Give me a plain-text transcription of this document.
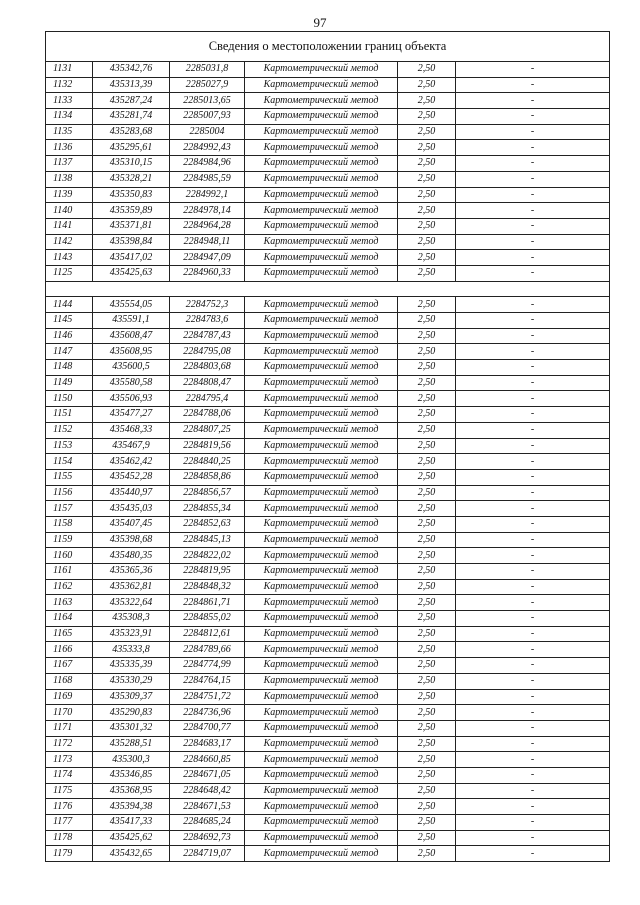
97
Сведения о местоположении границ объекта					
1131	435342,76	2285031,8	Картометрический метод	2,50	-
1132	435313,39	2285027,9	Картометрический метод	2,50	-
1133	435287,24	2285013,65	Картометрический метод	2,50	-
1134	435281,74	2285007,93	Картометрический метод	2,50	-
1135	435283,68	2285004	Картометрический метод	2,50	-
1136	435295,61	2284992,43	Картометрический метод	2,50	-
1137	435310,15	2284984,96	Картометрический метод	2,50	-
1138	435328,21	2284985,59	Картометрический метод	2,50	-
1139	435350,83	2284992,1	Картометрический метод	2,50	-
1140	435359,89	2284978,14	Картометрический метод	2,50	-
1141	435371,81	2284964,28	Картометрический метод	2,50	-
1142	435398,84	2284948,11	Картометрический метод	2,50	-
1143	435417,02	2284947,09	Картометрический метод	2,50	-
1125	435425,63	2284960,33	Картометрический метод	2,50	-

1144	435554,05	2284752,3	Картометрический метод	2,50	-
1145	435591,1	2284783,6	Картометрический метод	2,50	-
1146	435608,47	2284787,43	Картометрический метод	2,50	-
1147	435608,95	2284795,08	Картометрический метод	2,50	-
1148	435600,5	2284803,68	Картометрический метод	2,50	-
1149	435580,58	2284808,47	Картометрический метод	2,50	-
1150	435506,93	2284795,4	Картометрический метод	2,50	-
1151	435477,27	2284788,06	Картометрический метод	2,50	-
1152	435468,33	2284807,25	Картометрический метод	2,50	-
1153	435467,9	2284819,56	Картометрический метод	2,50	-
1154	435462,42	2284840,25	Картометрический метод	2,50	-
1155	435452,28	2284858,86	Картометрический метод	2,50	-
1156	435440,97	2284856,57	Картометрический метод	2,50	-
1157	435435,03	2284855,34	Картометрический метод	2,50	-
1158	435407,45	2284852,63	Картометрический метод	2,50	-
1159	435398,68	2284845,13	Картометрический метод	2,50	-
1160	435480,35	2284822,02	Картометрический метод	2,50	-
1161	435365,36	2284819,95	Картометрический метод	2,50	-
1162	435362,81	2284848,32	Картометрический метод	2,50	-
1163	435322,64	2284861,71	Картометрический метод	2,50	-
1164	435308,3	2284855,02	Картометрический метод	2,50	-
1165	435323,91	2284812,61	Картометрический метод	2,50	-
1166	435333,8	2284789,66	Картометрический метод	2,50	-
1167	435335,39	2284774,99	Картометрический метод	2,50	-
1168	435330,29	2284764,15	Картометрический метод	2,50	-
1169	435309,37	2284751,72	Картометрический метод	2,50	-
1170	435290,83	2284736,96	Картометрический метод	2,50	-
1171	435301,32	2284700,77	Картометрический метод	2,50	-
1172	435288,51	2284683,17	Картометрический метод	2,50	-
1173	435300,3	2284660,85	Картометрический метод	2,50	-
1174	435346,85	2284671,05	Картометрический метод	2,50	-
1175	435368,95	2284648,42	Картометрический метод	2,50	-
1176	435394,38	2284671,53	Картометрический метод	2,50	-
1177	435417,33	2284685,24	Картометрический метод	2,50	-
1178	435425,62	2284692,73	Картометрический метод	2,50	-
1179	435432,65	2284719,07	Картометрический метод	2,50	-
